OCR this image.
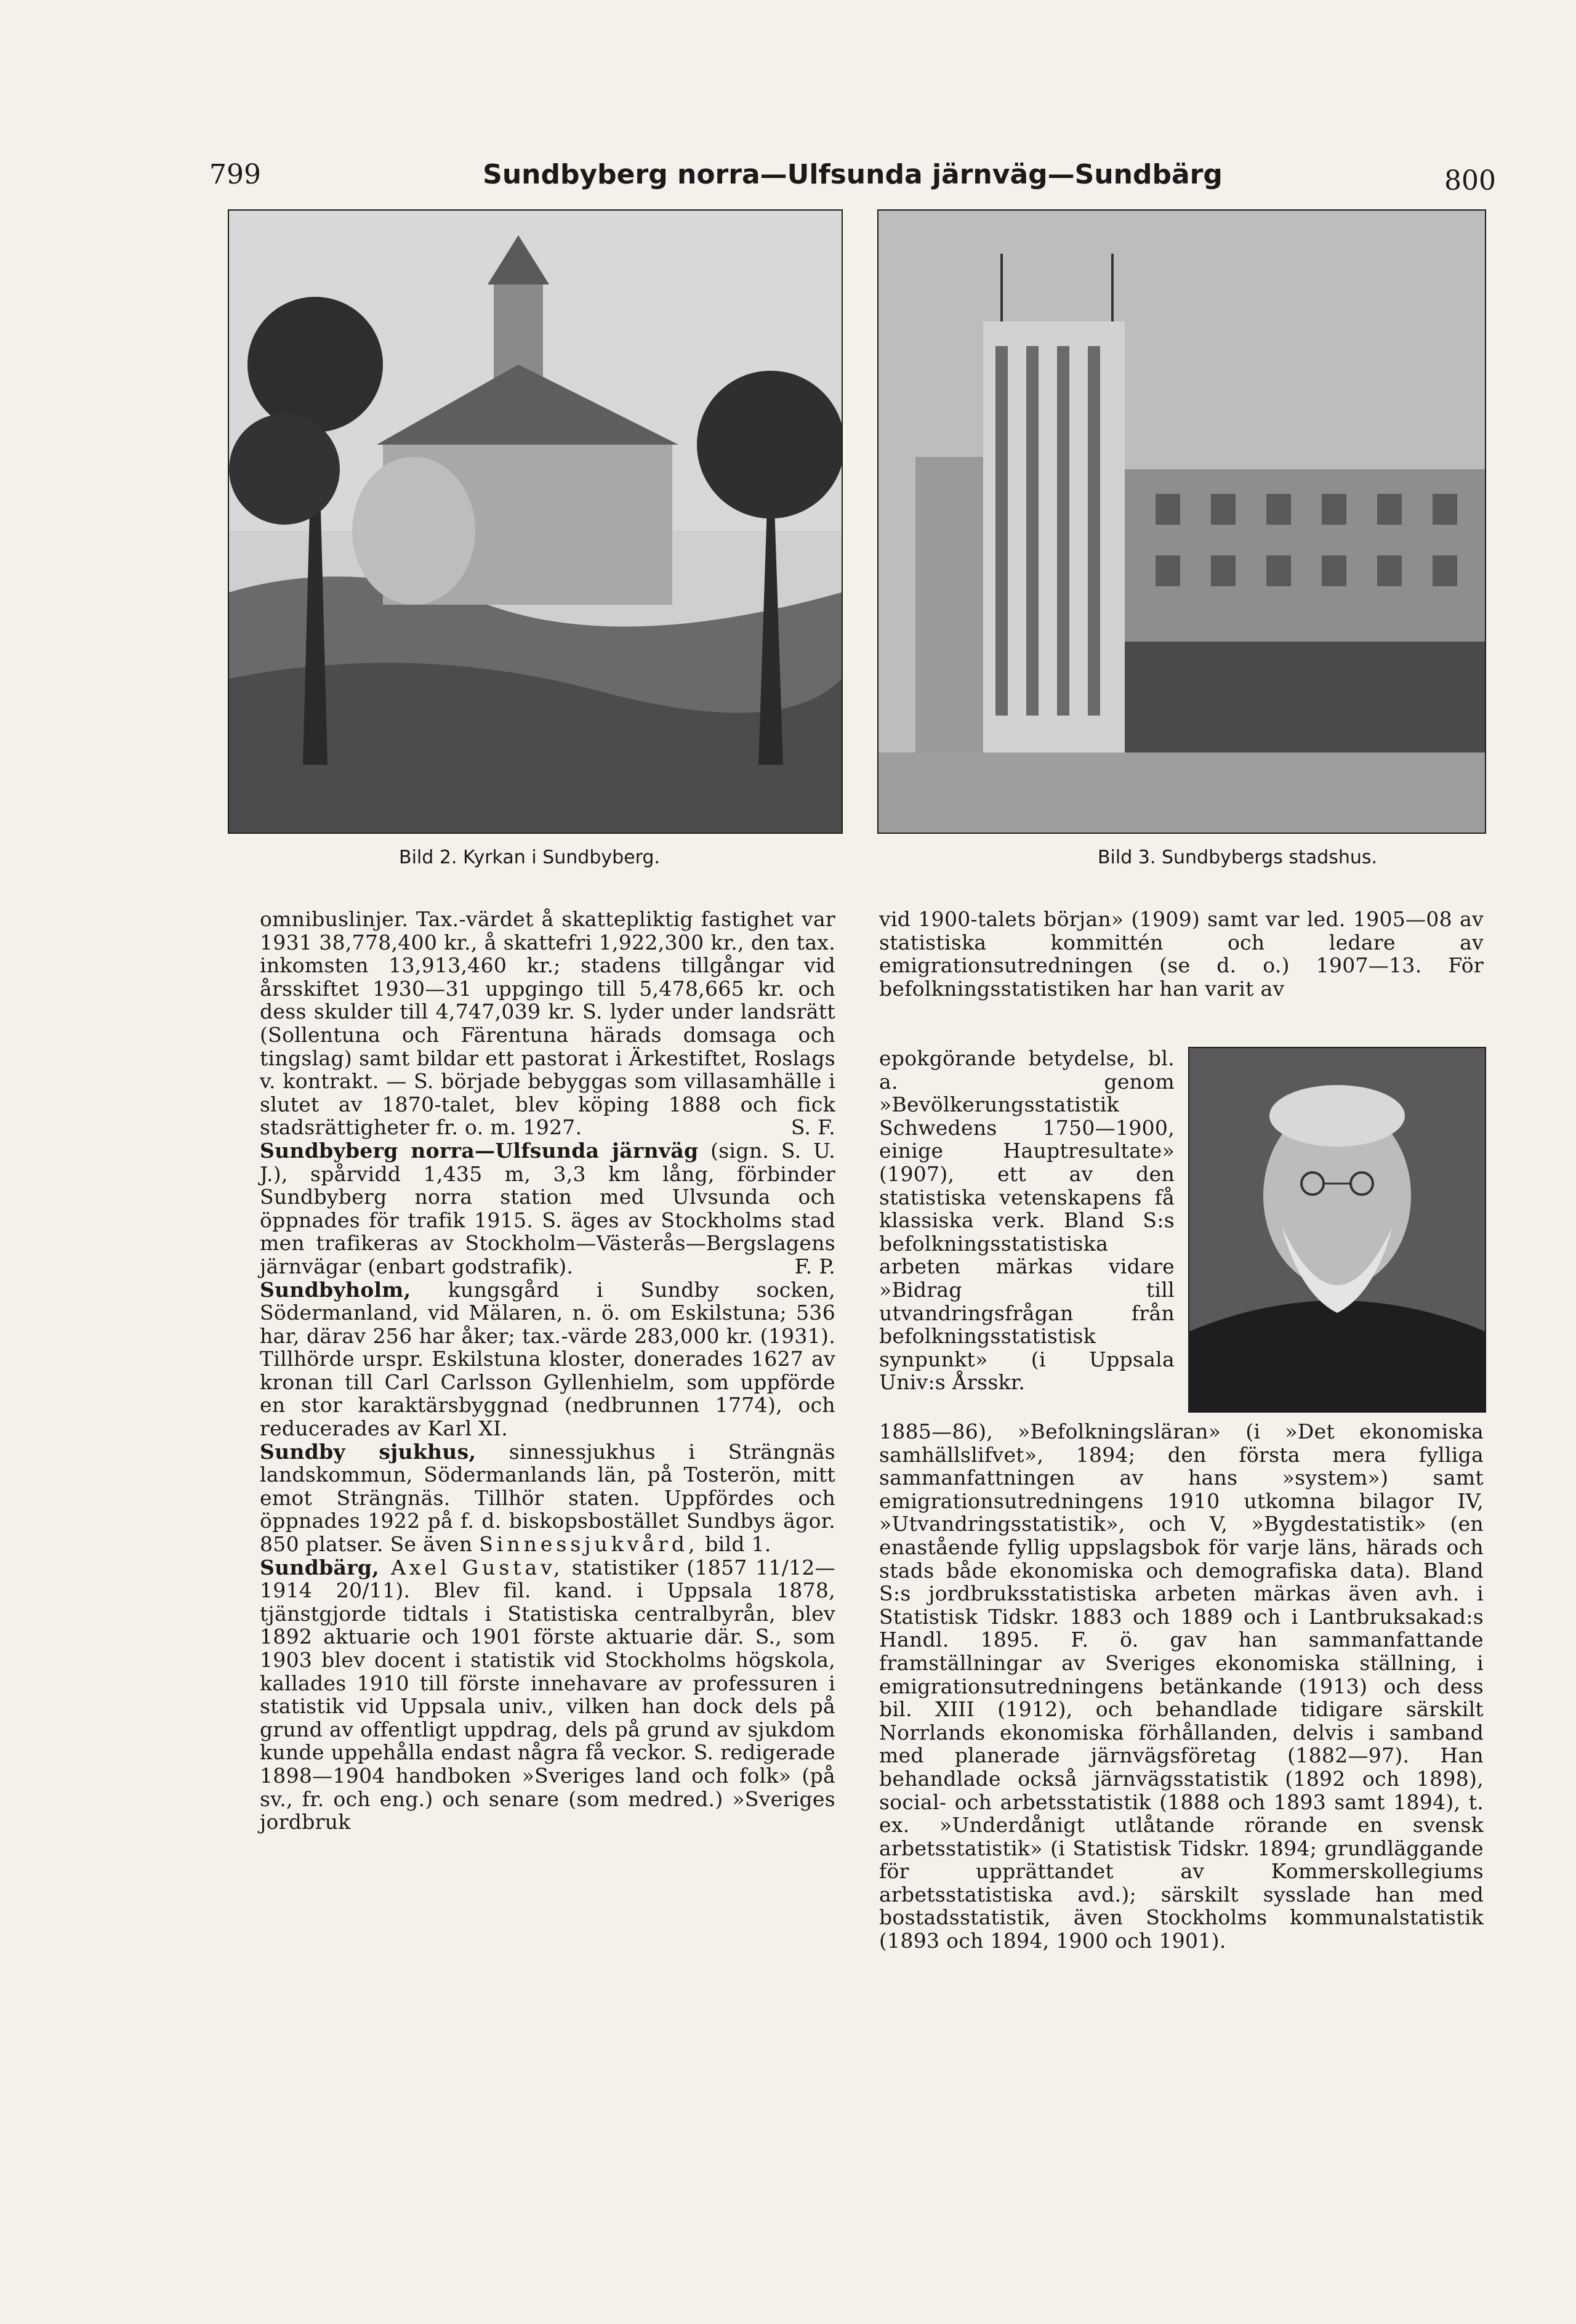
799	Sundbyberg norra—Ulfsunda järnväg—Sundbärg	800
Bild 2. Kyrkan i Sundbyberg.	Bild 3. Sundbybergs stadshus.

omnibuslinjer. Tax.-värdet å skattepliktig fastighet var 1931 38,778,400 kr., å skattefri 1,922,300 kr., den tax. inkomsten 13,913,460 kr.; stadens tillgångar vid årsskiftet 1930—31 uppgingo till 5,478,665 kr. och dess skulder till 4,747,039 kr. S. lyder under landsrätt (Sollentuna och Färentuna härads domsaga och tingslag) samt bildar ett pastorat i Ärkestiftet, Roslags v. kontrakt. — S. började bebyggas som villasamhälle i slutet av 1870-talet, blev köping 1888 och fick stadsrättigheter fr. o. m. 1927.	S. F.

Sundbyberg norra—Ulfsunda järnväg (sign. S. U. J.), spårvidd 1,435 m, 3,3 km lång, förbinder Sundbyberg norra station med Ulvsunda och öppnades för trafik 1915. S. äges av Stockholms stad men trafikeras av Stockholm—Västerås—Bergslagens järnvägar (enbart godstrafik).	F. P.

Sundbyholm, kungsgård i Sundby socken, Södermanland, vid Mälaren, n. ö. om Eskilstuna; 536 har, därav 256 har åker; tax.-värde 283,000 kr. (1931). Tillhörde urspr. Eskilstuna kloster, donerades 1627 av kronan till Carl Carlsson Gyllenhielm, som uppförde en stor karaktärsbyggnad (nedbrunnen 1774), och reducerades av Karl XI.

Sundby sjukhus, sinnessjukhus i Strängnäs landskommun, Södermanlands län, på Tosterön, mitt emot Strängnäs. Tillhör staten. Uppfördes och öppnades 1922 på f. d. biskopsbostället Sundbys ägor. 850 platser. Se även Sinnessjukvård, bild 1.

Sundbärg, Axel Gustav, statistiker (1857 11/12—1914 20/11). Blev fil. kand. i Uppsala 1878, tjänstgjorde tidtals i Statistiska centralbyrån, blev 1892 aktuarie och 1901 förste aktuarie där. S., som 1903 blev docent i statistik vid Stockholms högskola, kallades 1910 till förste innehavare av professuren i statistik vid Uppsala univ., vilken han dock dels på grund av offentligt uppdrag, dels på grund av sjukdom kunde uppehålla endast några få veckor. S. redigerade 1898—1904 handboken »Sveriges land och folk» (på sv., fr. och eng.) och senare (som medred.) »Sveriges jordbruk

vid 1900-talets början» (1909) samt var led. 1905—08 av statistiska kommittén och ledare av emigrationsutredningen (se d. o.) 1907—13. För befolkningsstatistiken har han varit av
epokgörande betydelse, bl. a. genom »Bevölkerungsstatistik Schwedens 1750—1900, einige Hauptresultate» (1907), ett av den statistiska vetenskapens få klassiska verk. Bland S:s befolkningsstatistiska arbeten märkas vidare »Bidrag till utvandringsfrågan från befolkningsstatistisk synpunkt» (i Uppsala Univ:s Årsskr.
1885—86), »Befolkningsläran» (i »Det ekonomiska samhällslifvet», 1894; den första mera fylliga sammanfattningen av hans »system») samt emigrationsutredningens 1910 utkomna bilagor IV, »Utvandringsstatistik», och V, »Bygdestatistik» (en enastående fyllig uppslagsbok för varje läns, härads och stads både ekonomiska och demografiska data). Bland S:s jordbruksstatistiska arbeten märkas även avh. i Statistisk Tidskr. 1883 och 1889 och i Lantbruksakad:s Handl. 1895. F. ö. gav han sammanfattande framställningar av Sveriges ekonomiska ställning, i emigrationsutredningens betänkande (1913) och dess bil. XIII (1912), och behandlade tidigare särskilt Norrlands ekonomiska förhållanden, delvis i samband med planerade järnvägsföretag (1882—97). Han behandlade också järnvägsstatistik (1892 och 1898), social- och arbetsstatistik (1888 och 1893 samt 1894), t. ex. »Underdånigt utlåtande rörande en svensk arbetsstatistik» (i Statistisk Tidskr. 1894; grundläggande för upprättandet av Kommerskollegiums arbetsstatistiska avd.); särskilt sysslade han med bostadsstatistik, även Stockholms kommunalstatistik (1893 och 1894, 1900 och 1901).
